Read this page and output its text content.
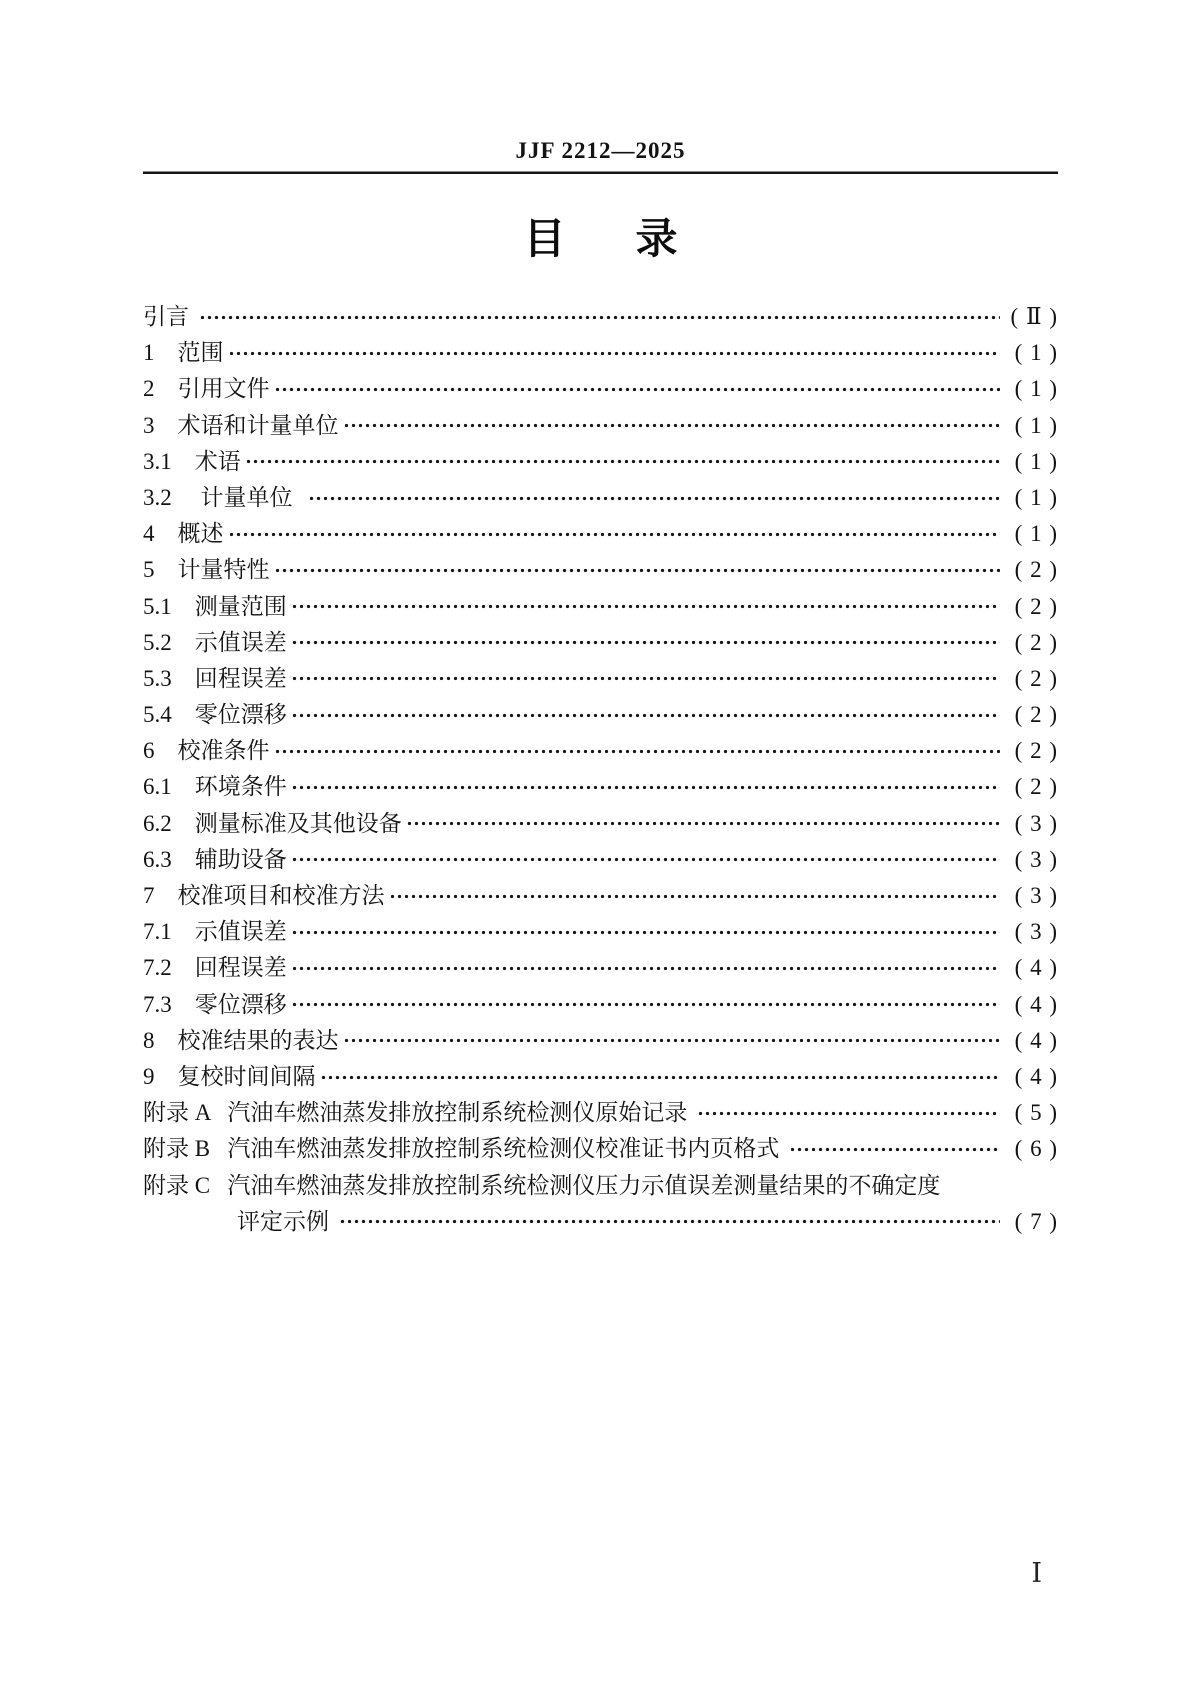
JJF 2212—2025
目      录
引言	( Ⅱ )
1    范围	( 1 )
2    引用文件	( 1 )
3    术语和计量单位	( 1 )
3.1    术语	( 1 )
3.2     计量单位	( 1 )
4    概述	( 1 )
5    计量特性	( 2 )
5.1    测量范围	( 2 )
5.2    示值误差	( 2 )
5.3    回程误差	( 2 )
5.4    零位漂移	( 2 )
6    校准条件	( 2 )
6.1    环境条件	( 2 )
6.2    测量标准及其他设备	( 3 )
6.3    辅助设备	( 3 )
7    校准项目和校准方法	( 3 )
7.1    示值误差	( 3 )
7.2    回程误差	( 4 )
7.3    零位漂移	( 4 )
8    校准结果的表达	( 4 )
9    复校时间间隔	( 4 )
附录 A   汽油车燃油蒸发排放控制系统检测仪原始记录	( 5 )
附录 B   汽油车燃油蒸发排放控制系统检测仪校准证书内页格式	( 6 )
附录 C   汽油车燃油蒸发排放控制系统检测仪压力示值误差测量结果的不确定度
评定示例	( 7 )
Ⅰ
